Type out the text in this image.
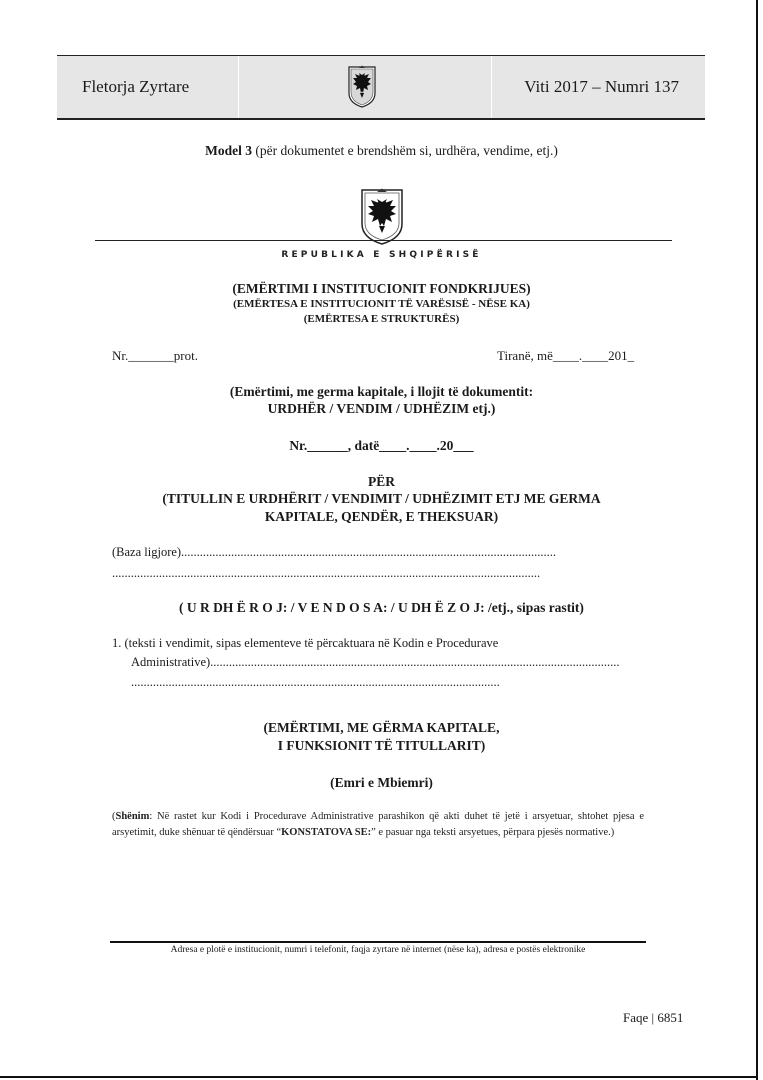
Fletorja Zyrtare	Viti 2017 – Numri 137
Model 3 (për dokumentet e brendshëm si, urdhëra, vendime, etj.)
REPUBLIKA E SHQIPËRISË
(EMËRTIMI I INSTITUCIONIT FONDKRIJUES)
(EMËRTESA E INSTITUCIONIT TË VARËSISË - NËSE KA)
(EMËRTESA E STRUKTURËS)
Nr._______prot.	Tiranë, më____.____201_
(Emërtimi, me germa kapitale, i llojit të dokumentit:
URDHËR / VENDIM / UDHËZIM etj.)
Nr.______, datë____.____.20___
PËR
(TITULLIN E URDHËRIT / VENDIMIT / UDHËZIMIT ETJ ME GERMA
KAPITALE, QENDËR, E THEKSUAR)
(Baza ligjore)........................................................................................................................
.........................................................................................................................................
( U R DH Ë R O J: / V E N D O S A: / U DH Ë Z O J: /etj., sipas rastit)
1. (teksti i vendimit, sipas elementeve të përcaktuara në Kodin e Procedurave
Administrative)...................................................................................................................................
......................................................................................................................
(EMËRTIMI, ME GËRMA KAPITALE,
I FUNKSIONIT TË TITULLARIT)
(Emri e Mbiemri)
(Shënim: Në rastet kur Kodi i Procedurave Administrative parashikon që akti duhet të jetë i arsyetuar, shtohet pjesa e arsyetimit, duke shënuar të qëndërsuar “KONSTATOVA SE:” e pasuar nga teksti arsyetues, përpara pjesës normative.)
Adresa e plotë e institucionit, numri i telefonit, faqja zyrtare në internet (nëse ka), adresa e postës elektronike
Faqe | 6851
